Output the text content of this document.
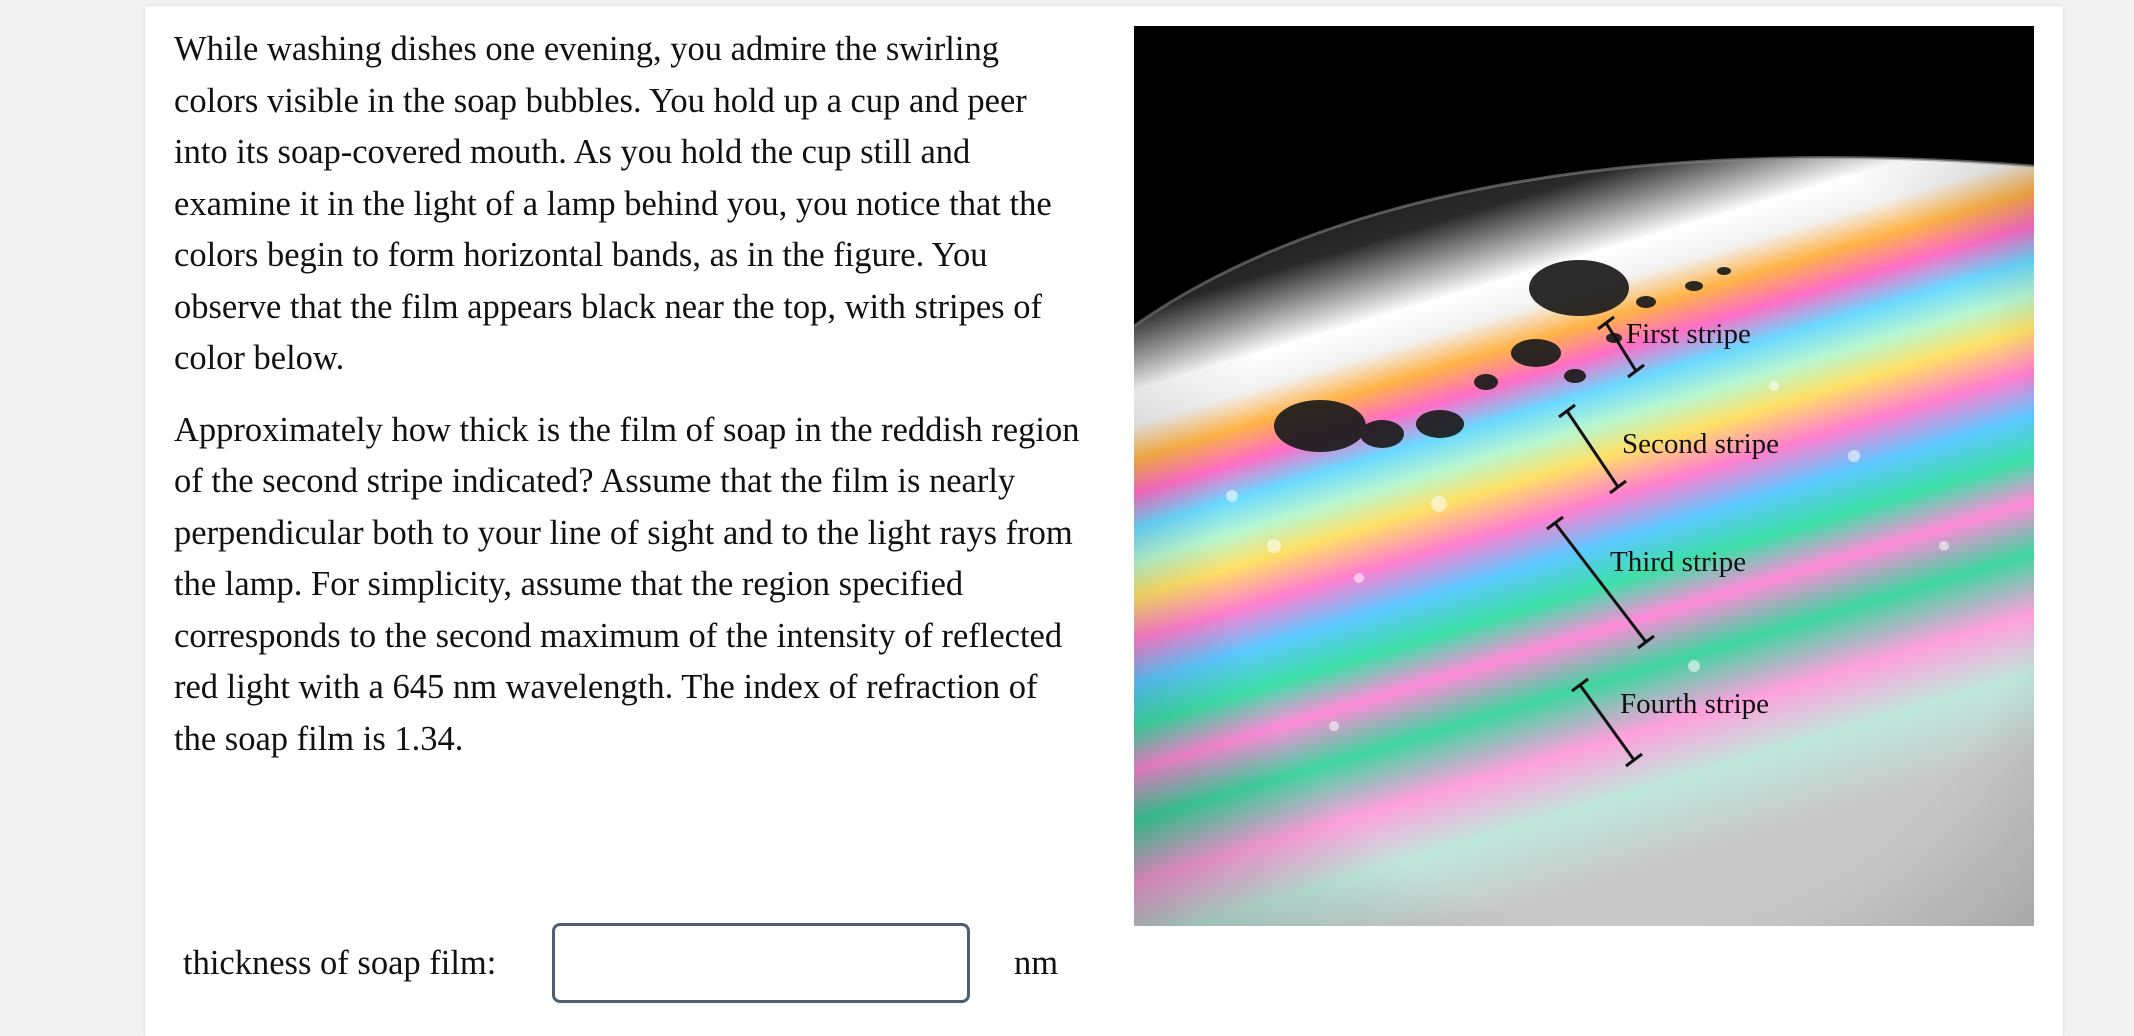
While washing dishes one evening, you admire the swirling colors visible in the soap bubbles. You hold up a cup and peer into its soap-covered mouth. As you hold the cup still and examine it in the light of a lamp behind you, you notice that the colors begin to form horizontal bands, as in the figure. You observe that the film appears black near the top, with stripes of color below.

Approximately how thick is the film of soap in the reddish region of the second stripe indicated? Assume that the film is nearly perpendicular both to your line of sight and to the light rays from the lamp. For simplicity, assume that the region specified corresponds to the second maximum of the intensity of reflected red light with a 645 nm wavelength. The index of refraction of the soap film is 1.34.

First stripe
Second stripe
Third stripe
Fourth stripe
thickness of soap film:	nm
